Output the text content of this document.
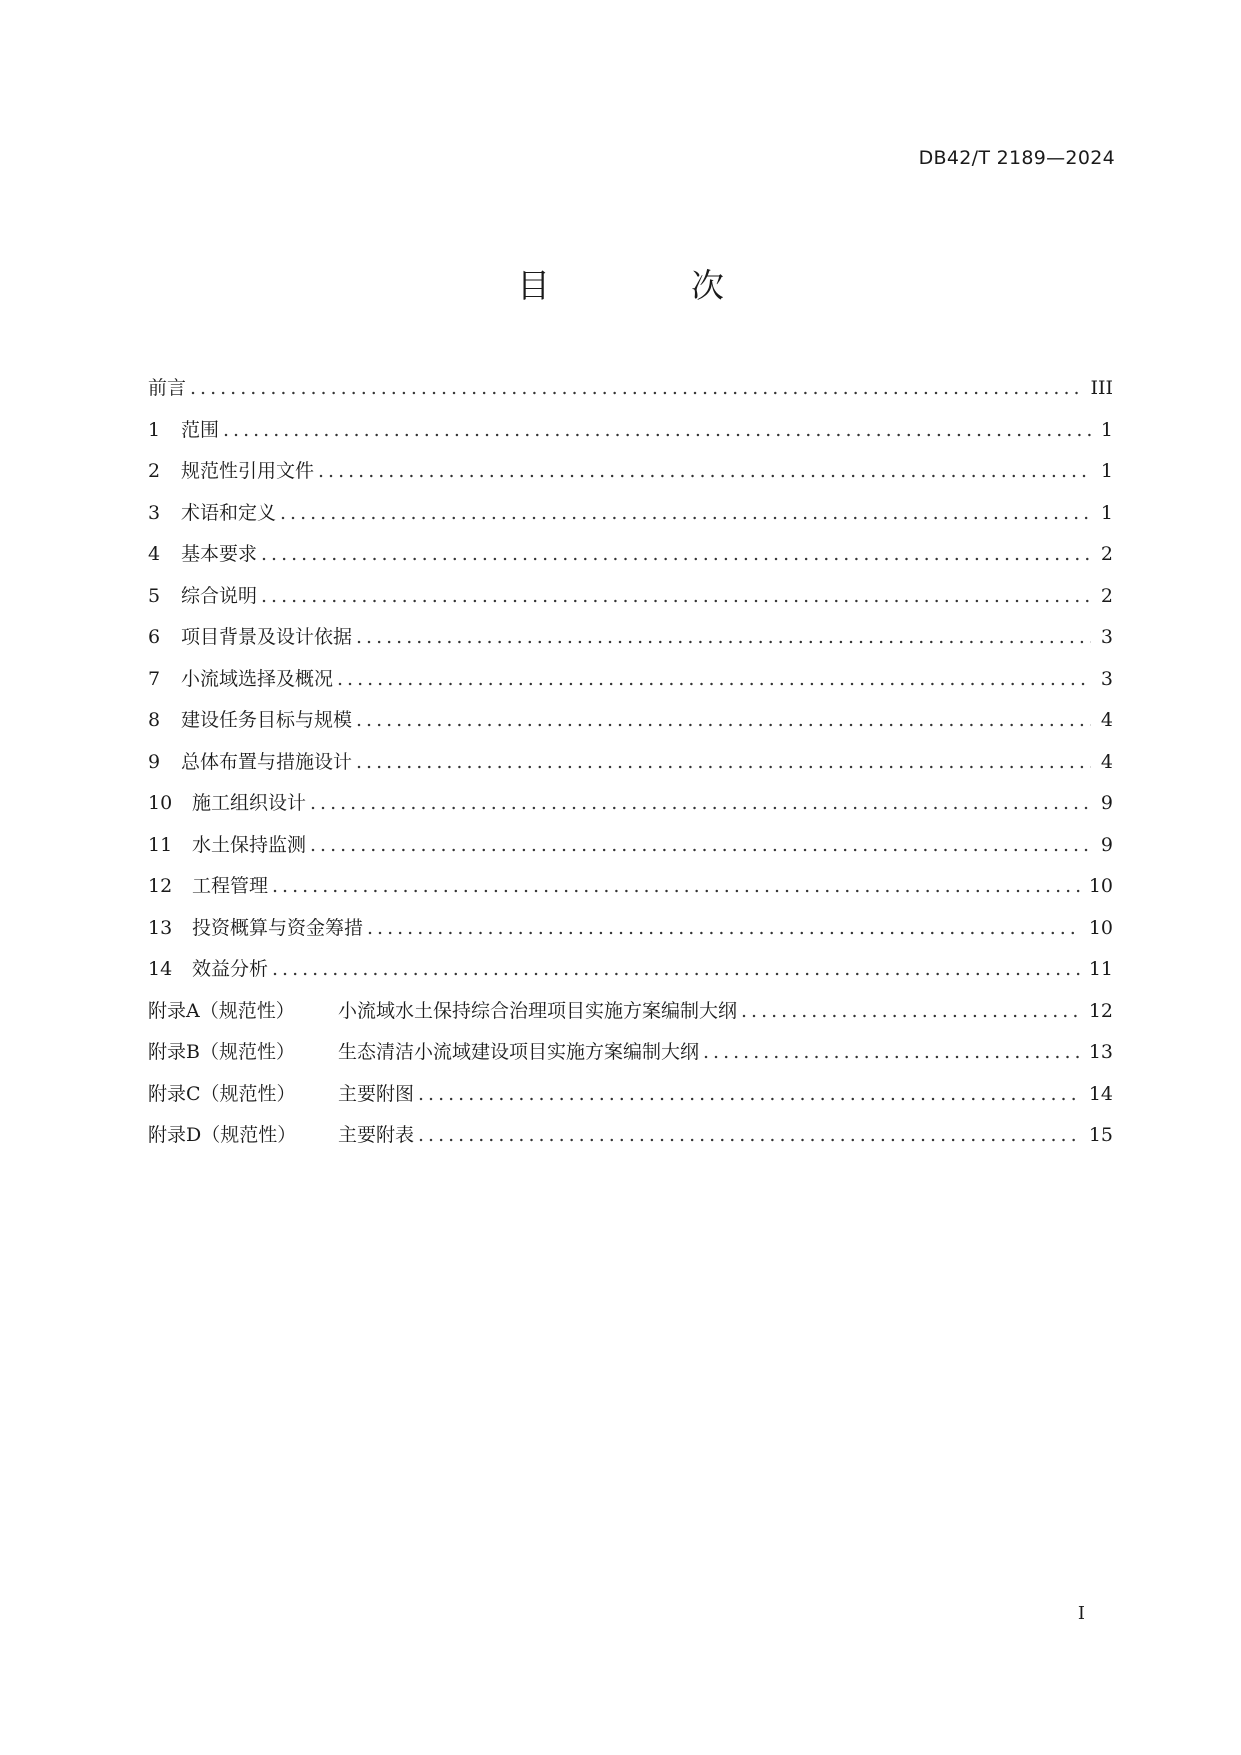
DB42/T 2189—2024
目　次
前言 .....	III
1 范围 .....	1
2 规范性引用文件 .....	1
3 术语和定义 .....	1
4 基本要求 .....	2
5 综合说明 .....	2
6 项目背景及设计依据 .....	3
7 小流域选择及概况 .....	3
8 建设任务目标与规模 .....	4
9 总体布置与措施设计 .....	4
10 施工组织设计 .....	9
11 水土保持监测 .....	9
12 工程管理 .....	10
13 投资概算与资金筹措 .....	10
14 效益分析 .....	11
附录A（规范性） 小流域水土保持综合治理项目实施方案编制大纲 .....	12
附录B（规范性） 生态清洁小流域建设项目实施方案编制大纲 .....	13
附录C（规范性） 主要附图 .....	14
附录D（规范性） 主要附表 .....	15
I
